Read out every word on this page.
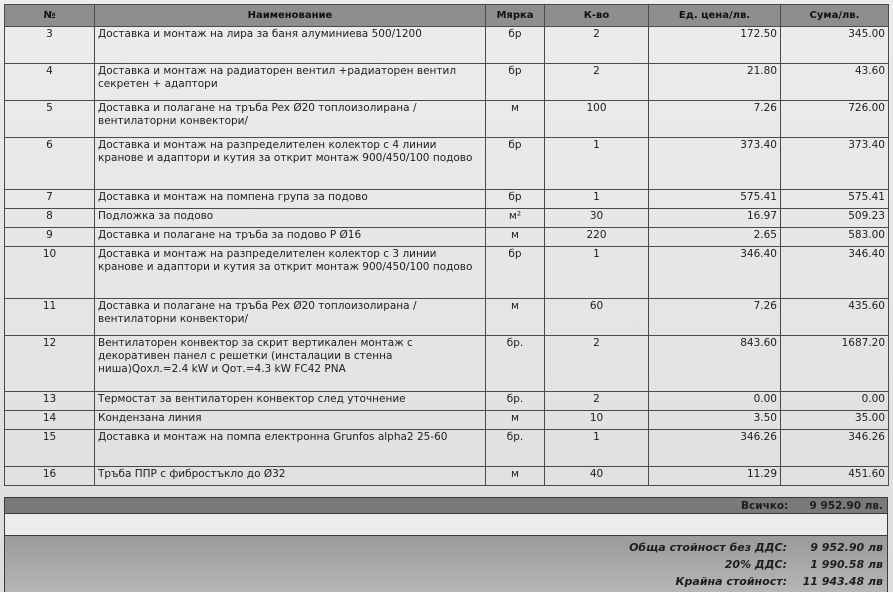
№	Наименование	Мярка	К-во	Ед. цена/лв.	Сума/лв.
3	Доставка и монтаж на лира за баня алуминиева 500/1200	бр	2	172.50	345.00
4	Доставка и монтаж на радиаторен вентил +радиаторен вентил секретен + адаптори	бр	2	21.80	43.60
5	Доставка и полагане на тръба Pex Ø20 топлоизолирана /вентилаторни конвектори/	м	100	7.26	726.00
6	Доставка и монтаж на разпределителен колектор с 4 линии кранове и адаптори и кутия за открит монтаж 900/450/100 подово	бр	1	373.40	373.40
7	Доставка и монтаж на помпена група за подово	бр	1	575.41	575.41
8	Подложка за подово	м²	30	16.97	509.23
9	Доставка и полагане на тръба за подово Р Ø16	м	220	2.65	583.00
10	Доставка и монтаж на разпределителен колектор с 3 линии кранове и адаптори и кутия за открит монтаж 900/450/100 подово	бр	1	346.40	346.40
11	Доставка и полагане на тръба Pex Ø20 топлоизолирана /вентилаторни конвектори/	м	60	7.26	435.60
12	Вентилаторен конвектор за скрит вертикален монтаж с декоративен панел с решетки (инсталации в стенна ниша)Qохл.=2.4 kW и Qот.=4.3 kW FC42 PNA	бр.	2	843.60	1687.20
13	Термостат за вентилаторен конвектор след уточнение	бр.	2	0.00	0.00
14	Кондензана линия	м	10	3.50	35.00
15	Доставка и монтаж на помпа електронна Grunfos alpha2 25-60	бр.	1	346.26	346.26
16	Тръба ППР с фибростъкло до Ø32	м	40	11.29	451.60
Всичко: 9 952.90 лв.
Обща стойност без ДДС: 9 952.90 лв
20% ДДС: 1 990.58 лв
Крайна стойност: 11 943.48 лв
